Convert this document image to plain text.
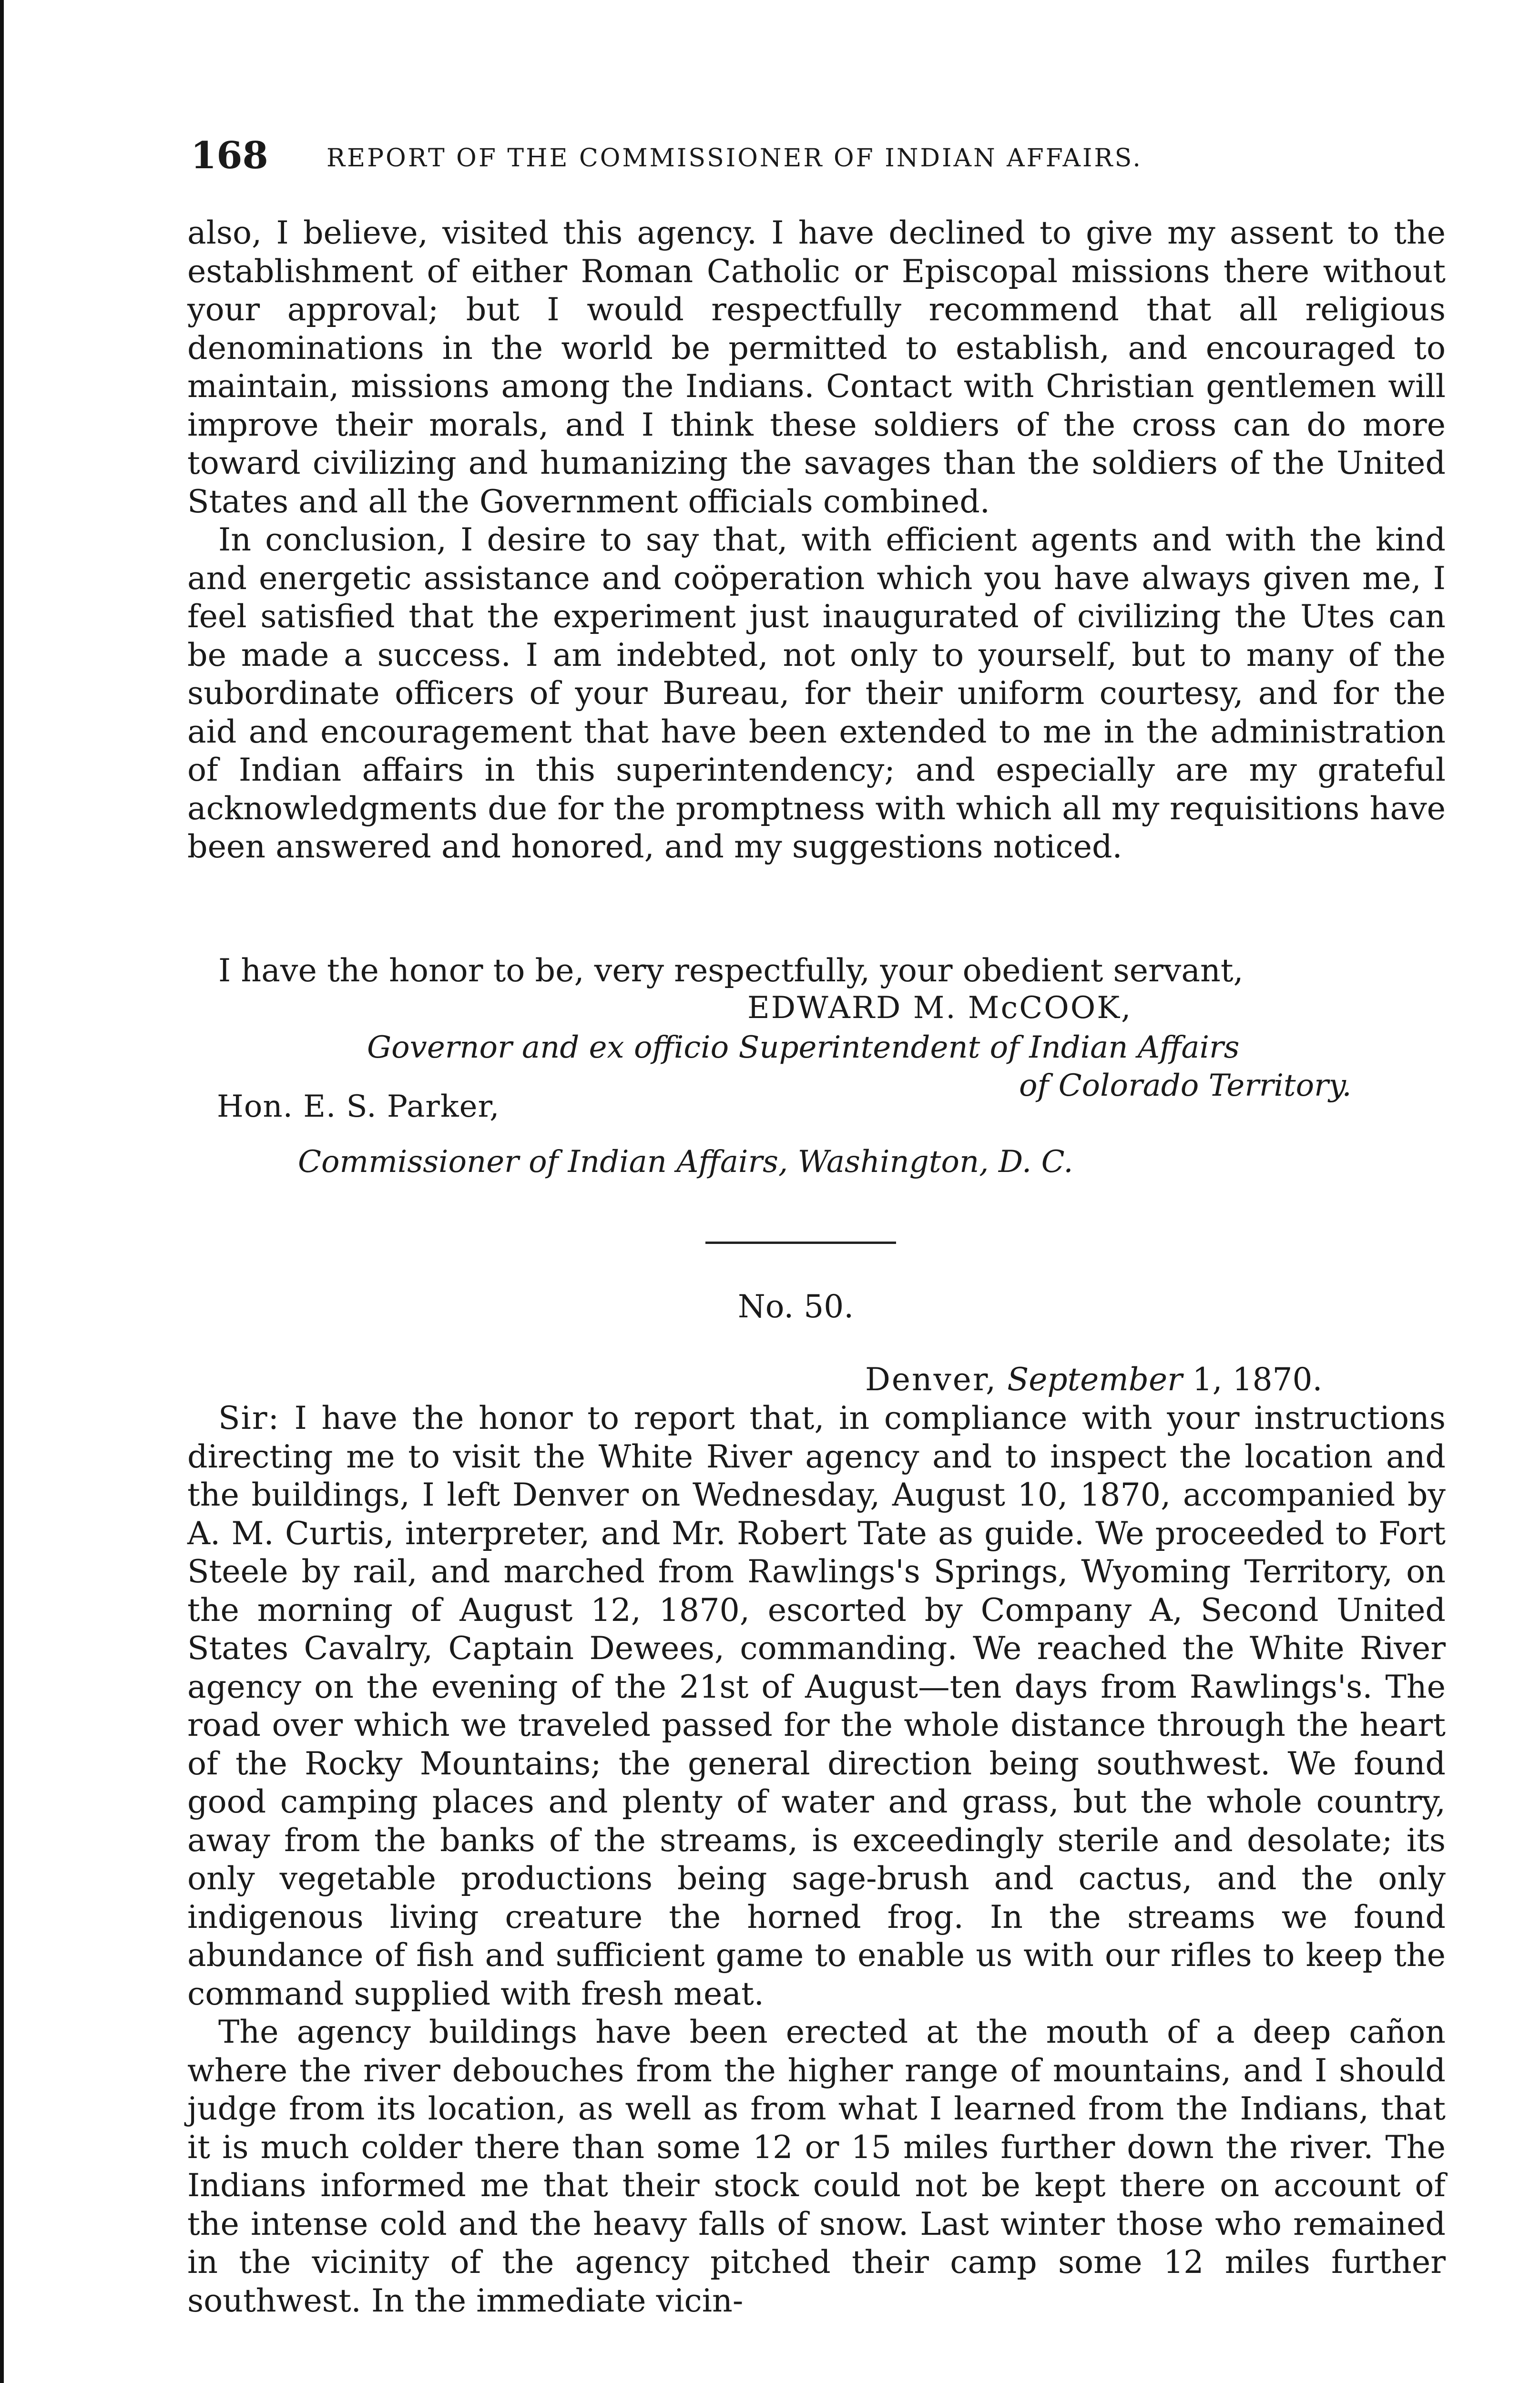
168 REPORT OF THE COMMISSIONER OF INDIAN AFFAIRS.

also, I believe, visited this agency. I have declined to give my assent to the establishment of either Roman Catholic or Episcopal missions there without your approval; but I would respectfully recommend that all religious denominations in the world be permitted to establish, and encouraged to maintain, missions among the Indians. Contact with Christian gentlemen will improve their morals, and I think these soldiers of the cross can do more toward civilizing and humanizing the savages than the soldiers of the United States and all the Government officials combined.

In conclusion, I desire to say that, with efficient agents and with the kind and energetic assistance and coöperation which you have always given me, I feel satisfied that the experiment just inaugurated of civilizing the Utes can be made a success. I am indebted, not only to yourself, but to many of the subordinate officers of your Bureau, for their uniform courtesy, and for the aid and encouragement that have been extended to me in the administration of Indian affairs in this superintendency; and especially are my grateful acknowledgments due for the promptness with which all my requisitions have been answered and honored, and my suggestions noticed.

I have the honor to be, very respectfully, your obedient servant,
EDWARD M. McCOOK,
Governor and ex officio Superintendent of Indian Affairs
of Colorado Territory.
Hon. E. S. Parker,
Commissioner of Indian Affairs, Washington, D. C.
No. 50.
Denver, September 1, 1870.

Sir: I have the honor to report that, in compliance with your instructions directing me to visit the White River agency and to inspect the location and the buildings, I left Denver on Wednesday, August 10, 1870, accompanied by A. M. Curtis, interpreter, and Mr. Robert Tate as guide. We proceeded to Fort Steele by rail, and marched from Rawlings's Springs, Wyoming Territory, on the morning of August 12, 1870, escorted by Company A, Second United States Cavalry, Captain Dewees, commanding. We reached the White River agency on the evening of the 21st of August—ten days from Rawlings's. The road over which we traveled passed for the whole distance through the heart of the Rocky Mountains; the general direction being southwest. We found good camping places and plenty of water and grass, but the whole country, away from the banks of the streams, is exceedingly sterile and desolate; its only vegetable productions being sage-brush and cactus, and the only indigenous living creature the horned frog. In the streams we found abundance of fish and sufficient game to enable us with our rifles to keep the command supplied with fresh meat.

The agency buildings have been erected at the mouth of a deep cañon where the river debouches from the higher range of mountains, and I should judge from its location, as well as from what I learned from the Indians, that it is much colder there than some 12 or 15 miles further down the river. The Indians informed me that their stock could not be kept there on account of the intense cold and the heavy falls of snow. Last winter those who remained in the vicinity of the agency pitched their camp some 12 miles further southwest. In the immediate vicin-
